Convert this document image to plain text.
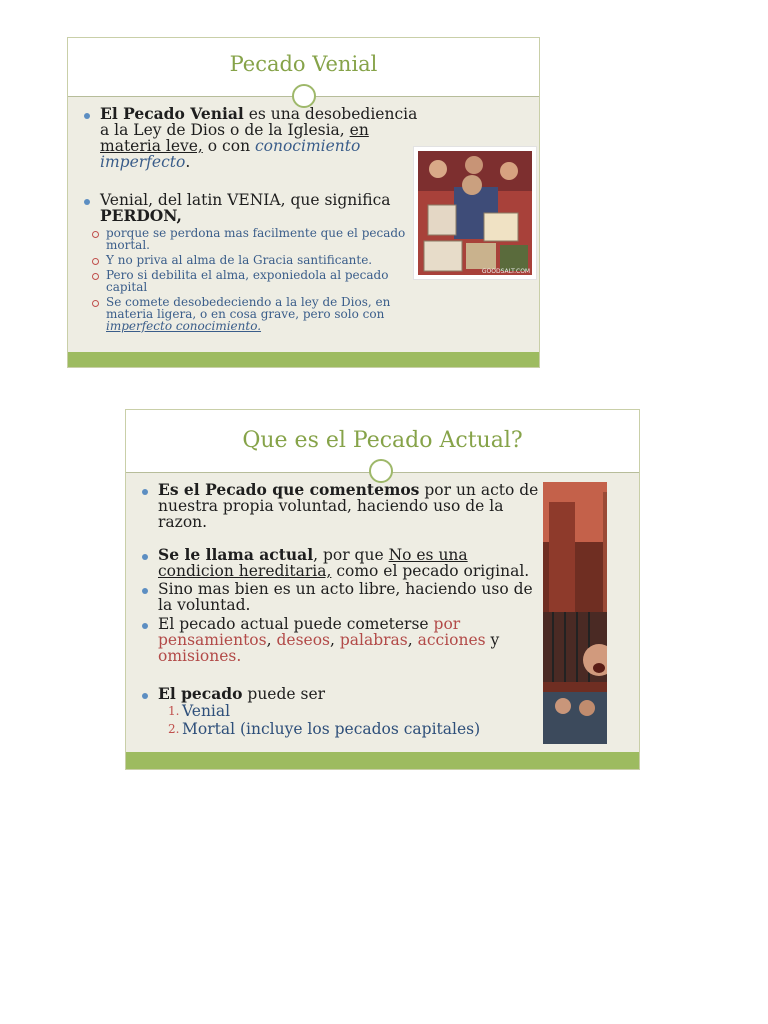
Pecado Venial

El Pecado Venial es una desobediencia a la Ley de Dios o de la Iglesia, en materia leve, o con conocimiento imperfecto.

Venial, del latin VENIA, que significa PERDON,

porque se perdona mas facilmente que el pecado mortal.
Y no priva al alma de la Gracia santificante.
Pero si debilita el alma, exponiedola al pecado capital
Se comete desobedeciendo a la ley de Dios, en materia ligera, o en cosa grave, pero solo con imperfecto conocimiento.
GOODSALT.COM
Que es el Pecado Actual?

Es el Pecado que comentemos por un acto de nuestra propia voluntad, haciendo uso de la razon.

Se le llama actual, por que No es una condicion hereditaria, como el pecado original.

Sino mas bien es un acto libre, haciendo uso de la voluntad.

El pecado actual puede cometerse por pensamientos, deseos, palabras, acciones y omisiones.

El pecado puede ser

1. Venial
2. Mortal (incluye los pecados capitales)
